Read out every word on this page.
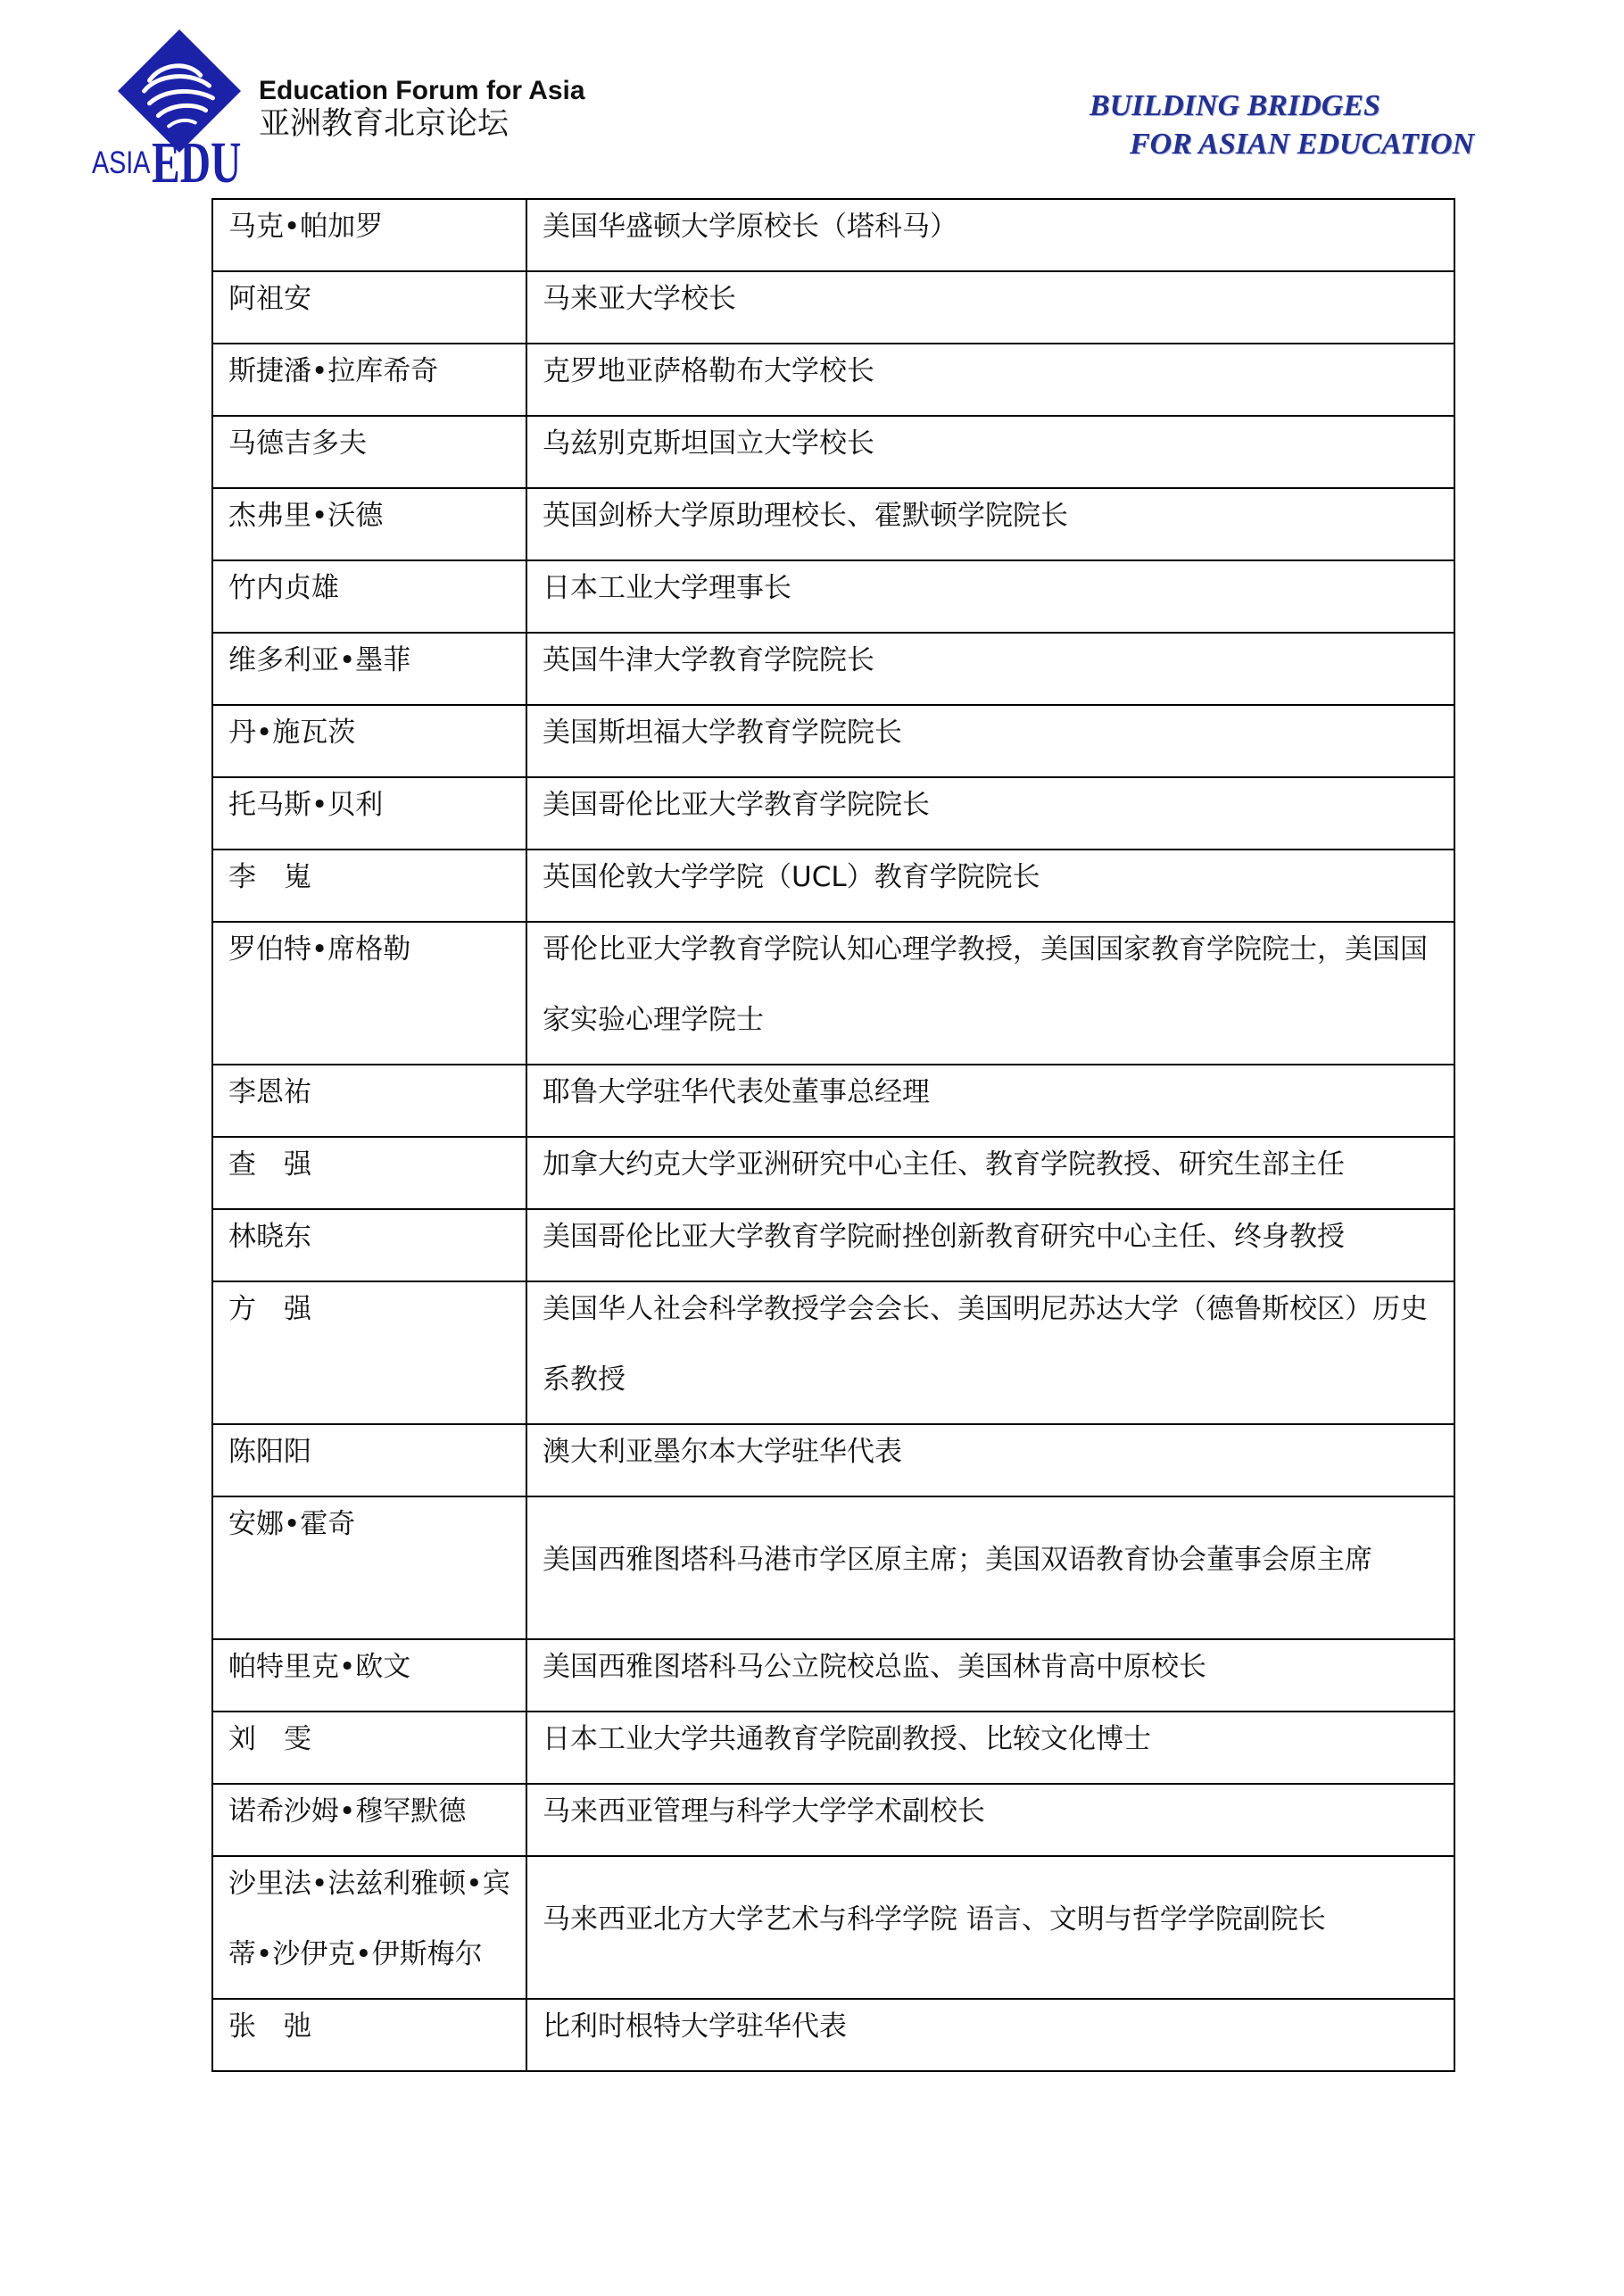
ASIA EDU
Education Forum for Asia
亚洲教育北京论坛
BUILDING BRIDGES
FOR ASIAN EDUCATION
马克•帕加罗	美国华盛顿大学原校长（塔科马）

阿祖安	马来亚大学校长

斯捷潘•拉库希奇	克罗地亚萨格勒布大学校长

马德吉多夫	乌兹别克斯坦国立大学校长

杰弗里•沃德	英国剑桥大学原助理校长、霍默顿学院院长

竹内贞雄	日本工业大学理事长

维多利亚•墨菲	英国牛津大学教育学院院长

丹•施瓦茨	美国斯坦福大学教育学院院长

托马斯•贝利	美国哥伦比亚大学教育学院院长

李　嵬	英国伦敦大学学院（UCL）教育学院院长

罗伯特•席格勒	哥伦比亚大学教育学院认知心理学教授，美国国家教育学院院士，美国国
家实验心理学院士

李恩祐	耶鲁大学驻华代表处董事总经理

查　强	加拿大约克大学亚洲研究中心主任、教育学院教授、研究生部主任

林晓东	美国哥伦比亚大学教育学院耐挫创新教育研究中心主任、终身教授

方　强	美国华人社会科学教授学会会长、美国明尼苏达大学（德鲁斯校区）历史
系教授

陈阳阳	澳大利亚墨尔本大学驻华代表

安娜•霍奇	美国西雅图塔科马港市学区原主席；美国双语教育协会董事会原主席

帕特里克•欧文	美国西雅图塔科马公立院校总监、美国林肯高中原校长

刘　雯	日本工业大学共通教育学院副教授、比较文化博士

诺希沙姆•穆罕默德	马来西亚管理与科学大学学术副校长

沙里法•法兹利雅顿•宾
蒂•沙伊克•伊斯梅尔	马来西亚北方大学艺术与科学学院 语言、文明与哲学学院副院长

张　弛	比利时根特大学驻华代表
